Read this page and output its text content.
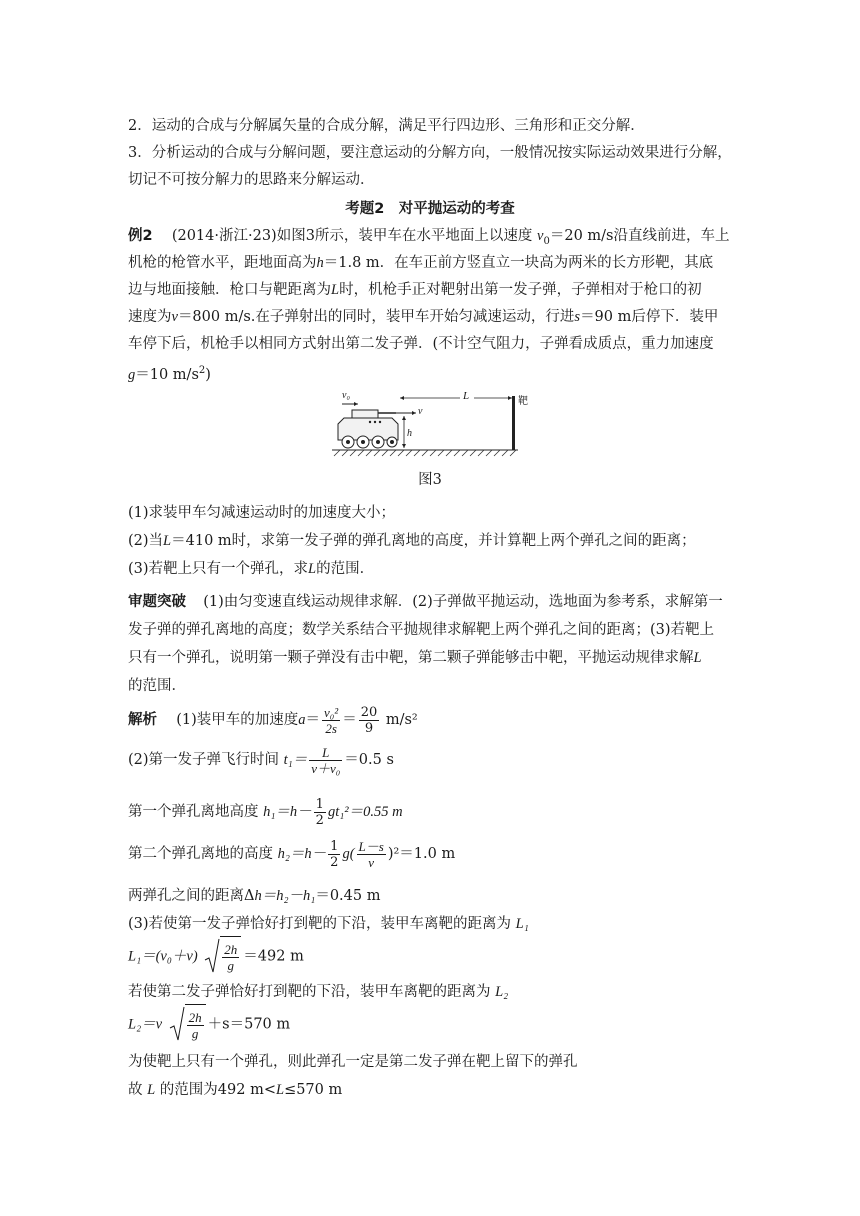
2．运动的合成与分解属矢量的合成分解，满足平行四边形、三角形和正交分解．
3．分析运动的合成与分解问题，要注意运动的分解方向，一般情况按实际运动效果进行分解，
切记不可按分解力的思路来分解运动．
考题2　对平抛运动的考查
例2 (2014·浙江·23)如图3所示，装甲车在水平地面上以速度 $v_0=20$ m/s沿直线前进，车上
机枪的枪管水平，距地面高为h＝1.8 m．在车正前方竖直立一块高为两米的长方形靶，其底
边与地面接触．枪口与靶距离为L时，机枪手正对靶射出第一发子弹，子弹相对于枪口的初
速度为v＝800 m/s.在子弹射出的同时，装甲车开始匀减速运动，行进s＝90 m后停下．装甲
车停下后，机枪手以相同方式射出第二发子弹．(不计空气阻力，子弹看成质点，重力加速度
g＝10 $m/s^2$)
v₀
v
L
h
靶
图3
(1)求装甲车匀减速运动时的加速度大小；
(2)当L＝410 m时，求第一发子弹的弹孔离地的高度，并计算靶上两个弹孔之间的距离；
(3)若靶上只有一个弹孔，求L的范围．
审题突破 (1)由匀变速直线运动规律求解．(2)子弹做平抛运动，选地面为参考系，求解第一
发子弹的弹孔离地的高度；数学关系结合平抛规律求解靶上两个弹孔之间的距离；(3)若靶上
只有一个弹孔，说明第一颗子弹没有击中靶，第二颗子弹能够击中靶，平抛运动规律求解L
的范围．
解析 (1)装甲车的加速度$a= \frac{\text{v₀²}}{2s} = \frac{20}{9} m/s^2$
(2)第一发子弹飞行时间 $t_1= \frac{L}{\text{v＋v₀}} =0.5$ s
第一个弹孔离地高度 $h_1=h- \frac{1}{2} gt_1^2=0.55$ m
第二个弹孔离地的高度 $h_2=h- \frac{1}{2} g( \frac{L-s}{v} )^2=1.0$ m
两弹孔之间的距离Δh＝h₂－h₁＝0.45 m
(3)若使第一发子弹恰好打到靶的下沿，装甲车离靶的距离为 L₁
$L_1=(v_0+v) \frac{2h}{g} =492$ m
若使第二发子弹恰好打到靶的下沿，装甲车离靶的距离为 L₂
$L_2=v \frac{2h}{g} +s=570$ m
为使靶上只有一个弹孔，则此弹孔一定是第二发子弹在靶上留下的弹孔
故 L 的范围为492 m<L≤570 m
